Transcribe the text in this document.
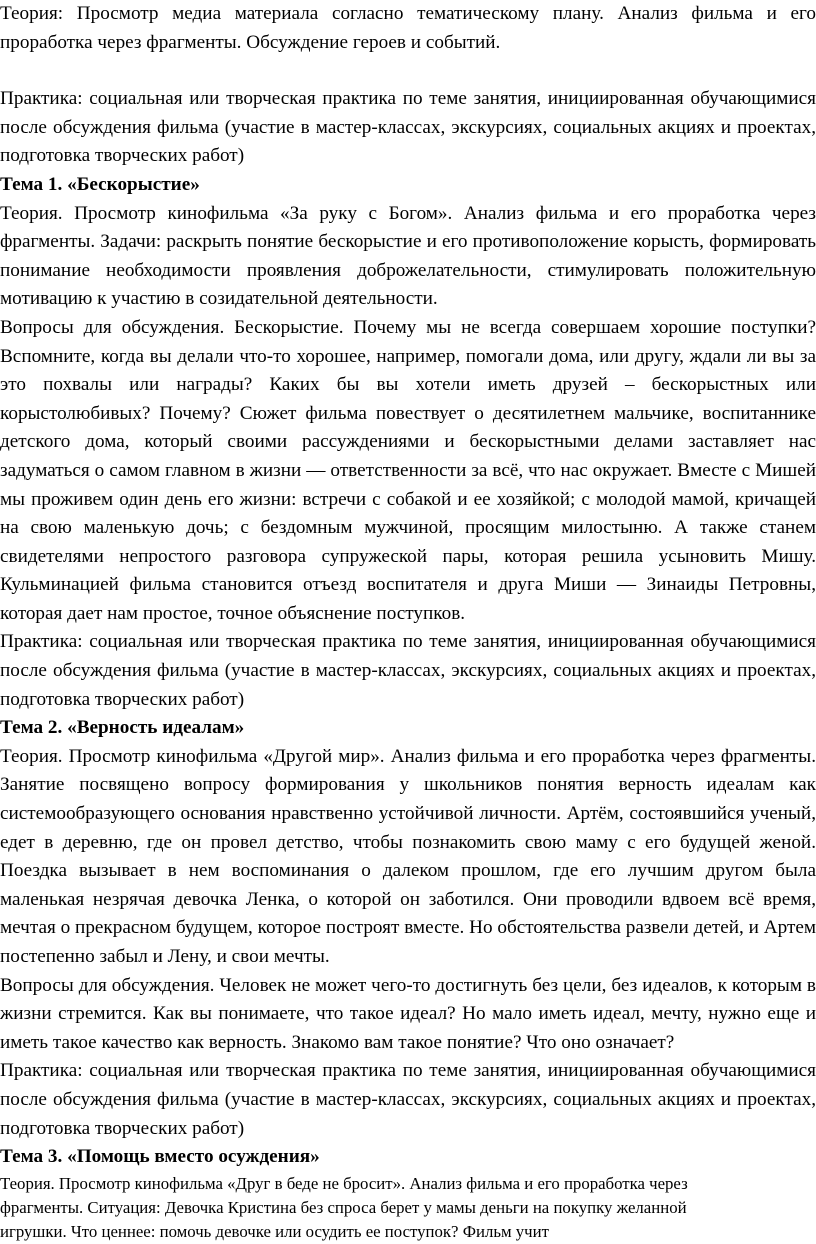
Теория: Просмотр медиа материала согласно тематическому плану. Анализ фильма и его проработка через фрагменты. Обсуждение героев и событий.

Практика: социальная или творческая практика по теме занятия, инициированная обучающимися после обсуждения фильма (участие в мастер-классах, экскурсиях, социальных акциях и проектах, подготовка творческих работ)

Тема 1. «Бескорыстие»

Теория. Просмотр кинофильма «За руку с Богом». Анализ фильма и его проработка через фрагменты. Задачи: раскрыть понятие бескорыстие и его противоположение корысть, формировать понимание необходимости проявления доброжелательности, стимулировать положительную мотивацию к участию в созидательной деятельности.

Вопросы для обсуждения. Бескорыстие. Почему мы не всегда совершаем хорошие поступки? Вспомните, когда вы делали что-то хорошее, например, помогали дома, или другу, ждали ли вы за это похвалы или награды? Каких бы вы хотели иметь друзей – бескорыстных или корыстолюбивых? Почему? Сюжет фильма повествует о десятилетнем мальчике, воспитаннике детского дома, который своими рассуждениями и бескорыстными делами заставляет нас задуматься о самом главном в жизни — ответственности за всё, что нас окружает. Вместе с Мишей мы проживем один день его жизни: встречи с собакой и ее хозяйкой; с молодой мамой, кричащей на свою маленькую дочь; с бездомным мужчиной, просящим милостыню. А также станем свидетелями непростого разговора супружеской пары, которая решила усыновить Мишу. Кульминацией фильма становится отъезд воспитателя и друга Миши — Зинаиды Петровны, которая дает нам простое, точное объяснение поступков.

Практика: социальная или творческая практика по теме занятия, инициированная обучающимися после обсуждения фильма (участие в мастер-классах, экскурсиях, социальных акциях и проектах, подготовка творческих работ)

Тема 2. «Верность идеалам»

Теория. Просмотр кинофильма «Другой мир». Анализ фильма и его проработка через фрагменты. Занятие посвящено вопросу формирования у школьников понятия верность идеалам как системообразующего основания нравственно устойчивой личности. Артём, состоявшийся ученый, едет в деревню, где он провел детство, чтобы познакомить свою маму с его будущей женой. Поездка вызывает в нем воспоминания о далеком прошлом, где его лучшим другом была маленькая незрячая девочка Ленка, о которой он заботился. Они проводили вдвоем всё время, мечтая о прекрасном будущем, которое построят вместе. Но обстоятельства развели детей, и Артем постепенно забыл и Лену, и свои мечты.

Вопросы для обсуждения. Человек не может чего-то достигнуть без цели, без идеалов, к которым в жизни стремится. Как вы понимаете, что такое идеал? Но мало иметь идеал, мечту, нужно еще и иметь такое качество как верность. Знакомо вам такое понятие? Что оно означает?

Практика: социальная или творческая практика по теме занятия, инициированная обучающимися после обсуждения фильма (участие в мастер-классах, экскурсиях, социальных акциях и проектах, подготовка творческих работ)

Тема 3. «Помощь вместо осуждения»

Теория. Просмотр кинофильма «Друг в беде не бросит». Анализ фильма и его проработка через

фрагменты. Ситуация: Девочка Кристина без спроса берет у мамы деньги на покупку желанной

игрушки. Что ценнее: помочь девочке или осудить ее поступок? Фильм учит
